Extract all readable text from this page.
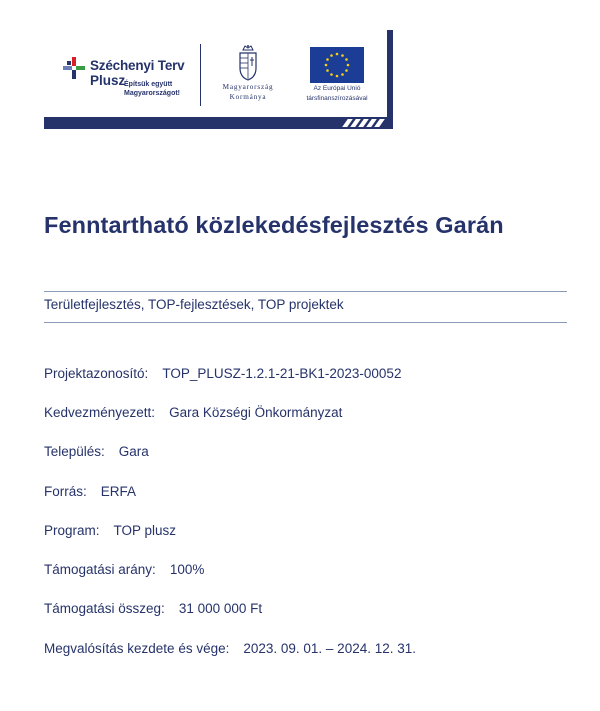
Széchenyi Terv
Plusz
Építsük együtt
Magyarországot!
Magyarország
Kormánya
Az Európai Unió
társfinanszírozásával
Fenntartható közlekedésfejlesztés Garán
Területfejlesztés, TOP-fejlesztések, TOP projektek
Projektazonosító: TOP_PLUSZ-1.2.1-21-BK1-2023-00052
Kedvezményezett: Gara Községi Önkormányzat
Település: Gara
Forrás: ERFA
Program: TOP plusz
Támogatási arány: 100%
Támogatási összeg: 31 000 000 Ft
Megvalósítás kezdete és vége: 2023. 09. 01. – 2024. 12. 31.
